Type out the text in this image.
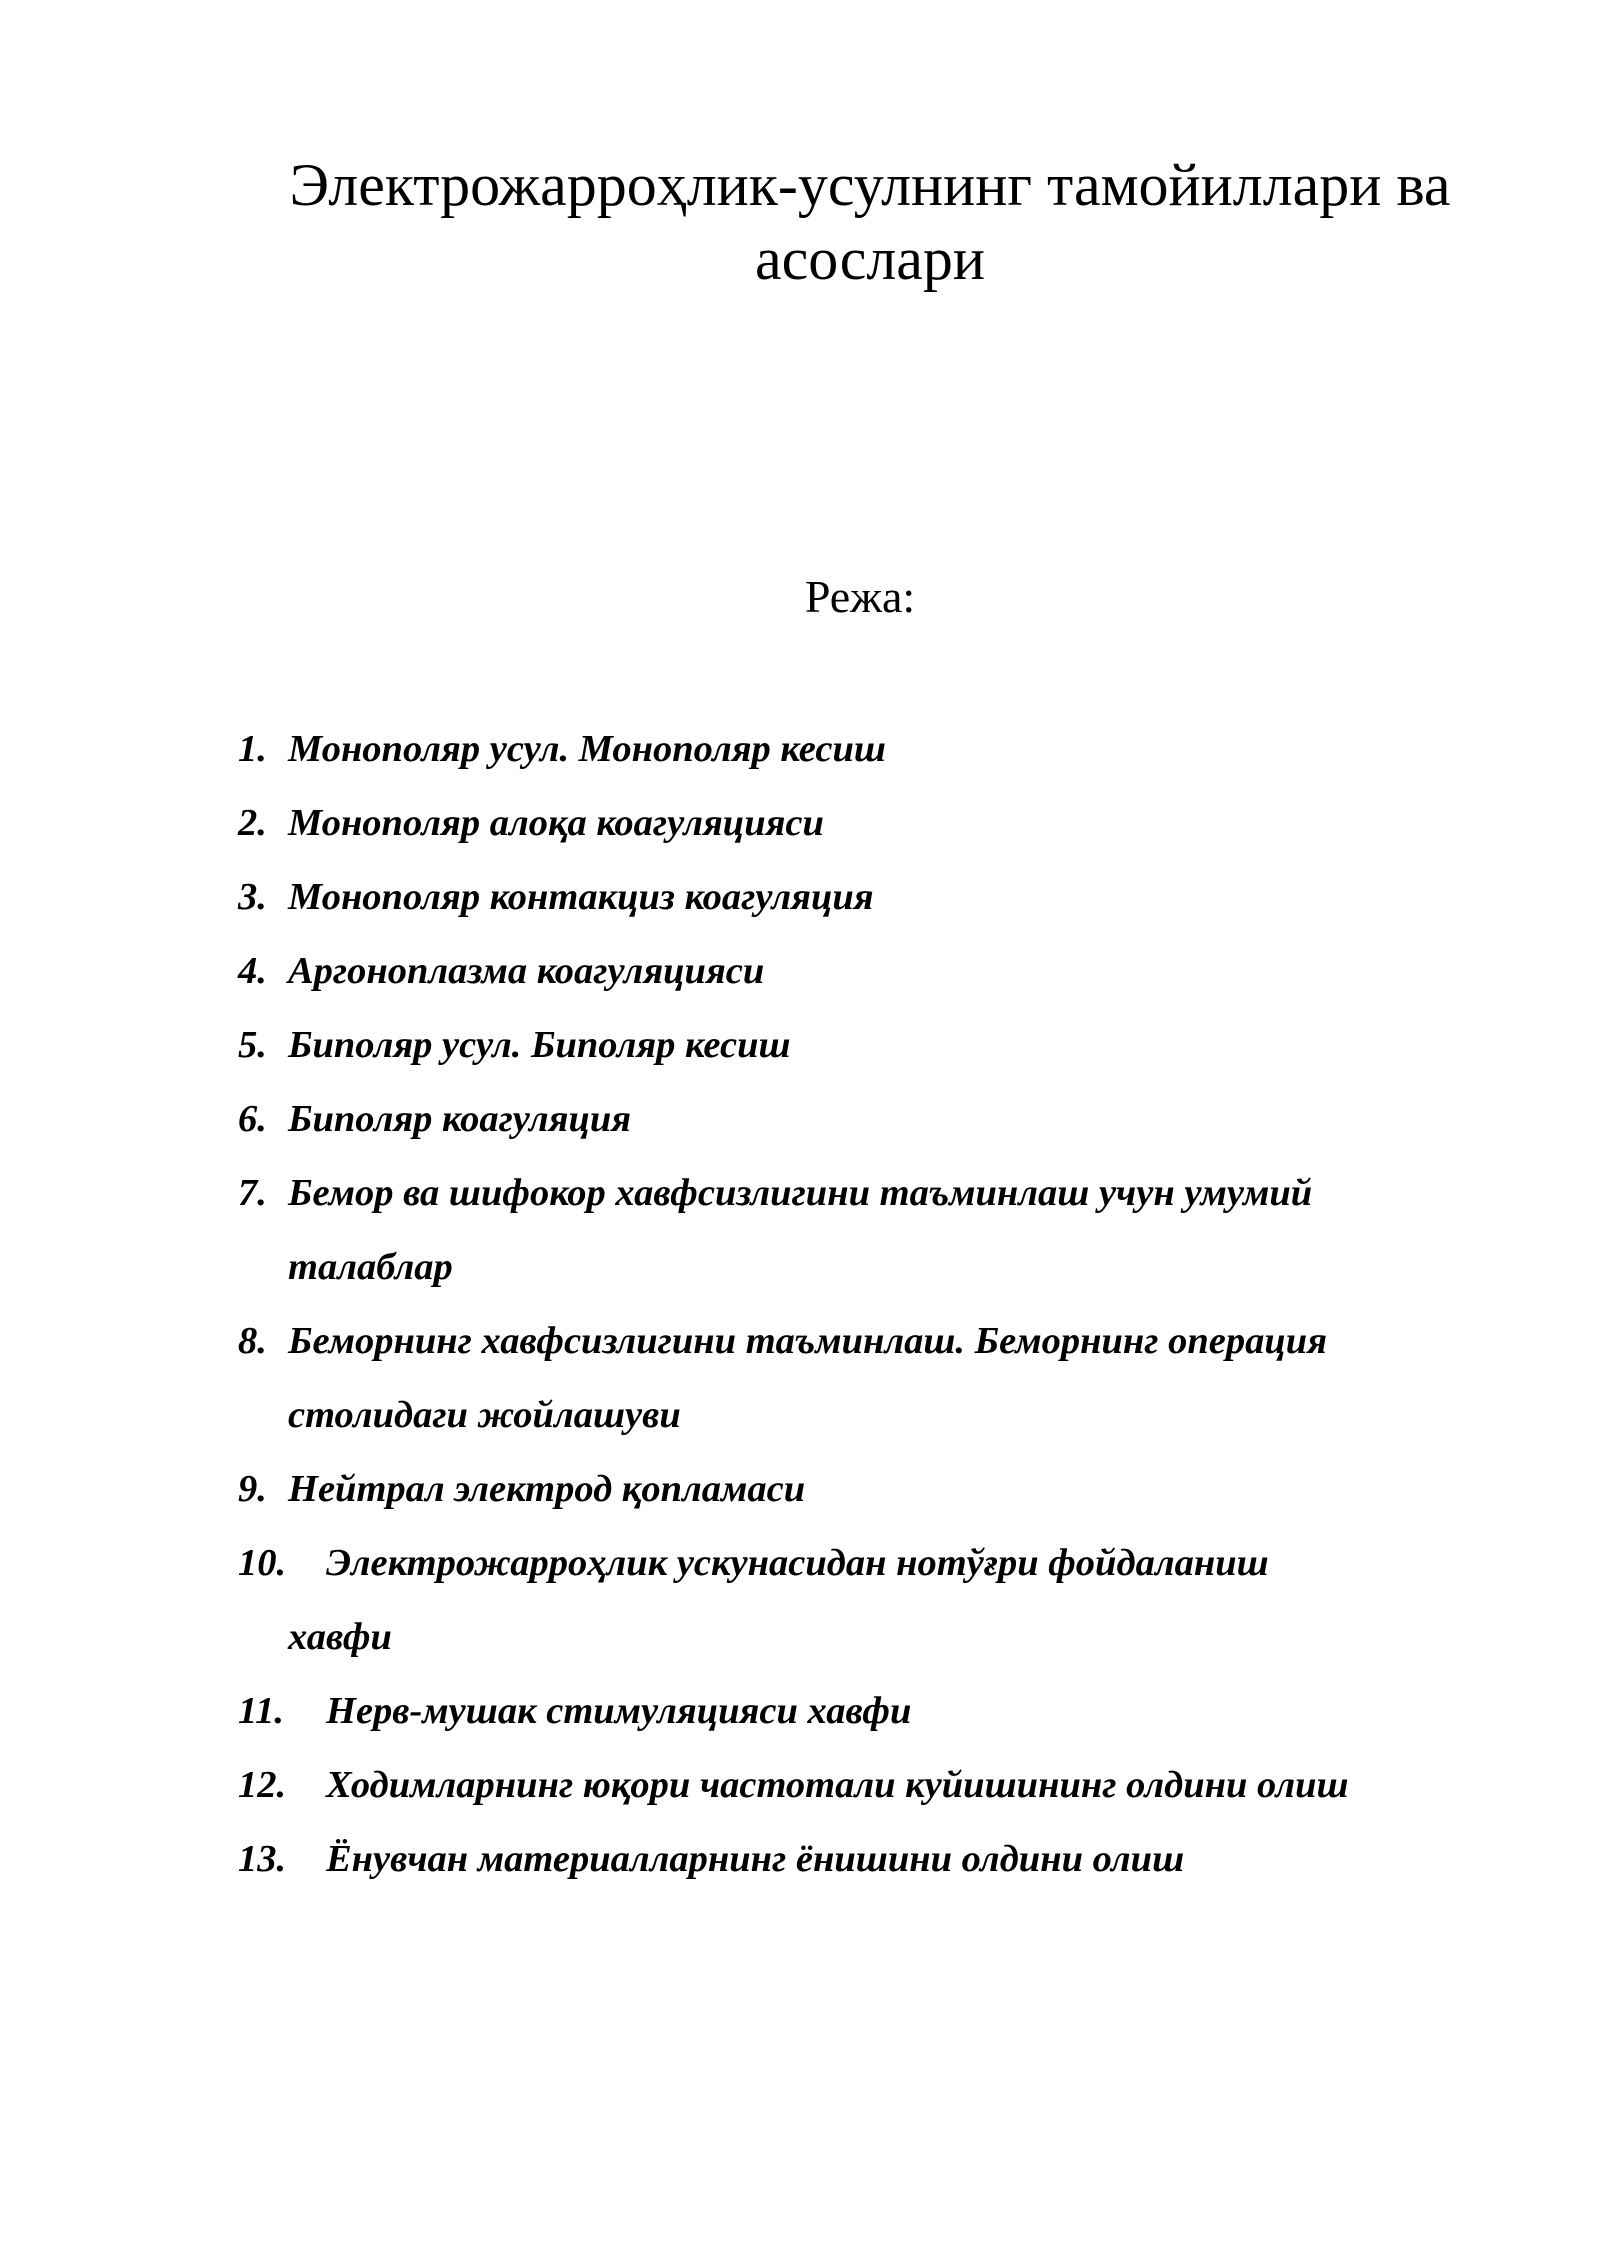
Электрожарроҳлик-усулнинг тамойиллари ва
асослари
Режа:
1. Монополяр усул. Монополяр кесиш
2. Монополяр алоқа коагуляцияси
3. Монополяр контакциз коагуляция
4. Аргоноплазма коагуляцияси
5. Биполяр усул. Биполяр кесиш
6. Биполяр коагуляция
7. Бемор ва шифокор хавфсизлигини таъминлаш учун умумий
талаблар
8. Беморнинг хавфсизлигини таъминлаш. Беморнинг операция
столидаги жойлашуви
9. Нейтрал электрод қопламаси
10.	Электрожарроҳлик ускунасидан нотўғри фойдаланиш
хавфи
11.	Нерв-мушак стимуляцияси хавфи
12.	Ходимларнинг юқори частотали куйишининг олдини олиш
13.	Ёнувчан материалларнинг ёнишини олдини олиш
